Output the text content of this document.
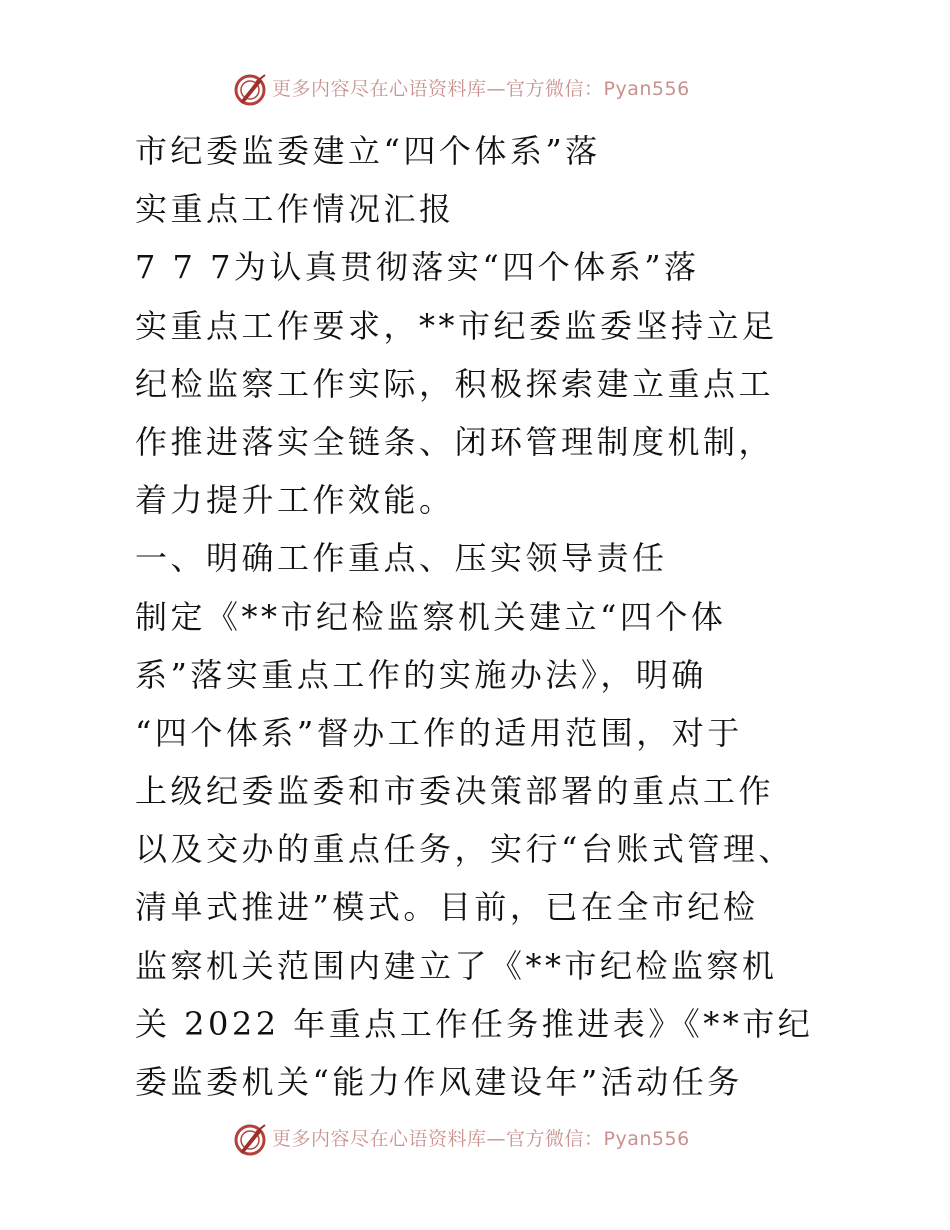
更多内容尽在心语资料库—官方微信：Pyan556
市纪委监委建立“四个体系”落
实重点工作情况汇报
7 7 7为认真贯彻落实“四个体系”落
实重点工作要求，**市纪委监委坚持立足
纪检监察工作实际，积极探索建立重点工
作推进落实全链条、闭环管理制度机制，
着力提升工作效能。
一、明确工作重点、压实领导责任
制定《**市纪检监察机关建立“四个体
系”落实重点工作的实施办法》，明确
“四个体系”督办工作的适用范围，对于
上级纪委监委和市委决策部署的重点工作
以及交办的重点任务，实行“台账式管理、
清单式推进”模式。目前，已在全市纪检
监察机关范围内建立了《**市纪检监察机
关 2022 年重点工作任务推进表》《**市纪
委监委机关“能力作风建设年”活动任务
更多内容尽在心语资料库—官方微信：Pyan556
